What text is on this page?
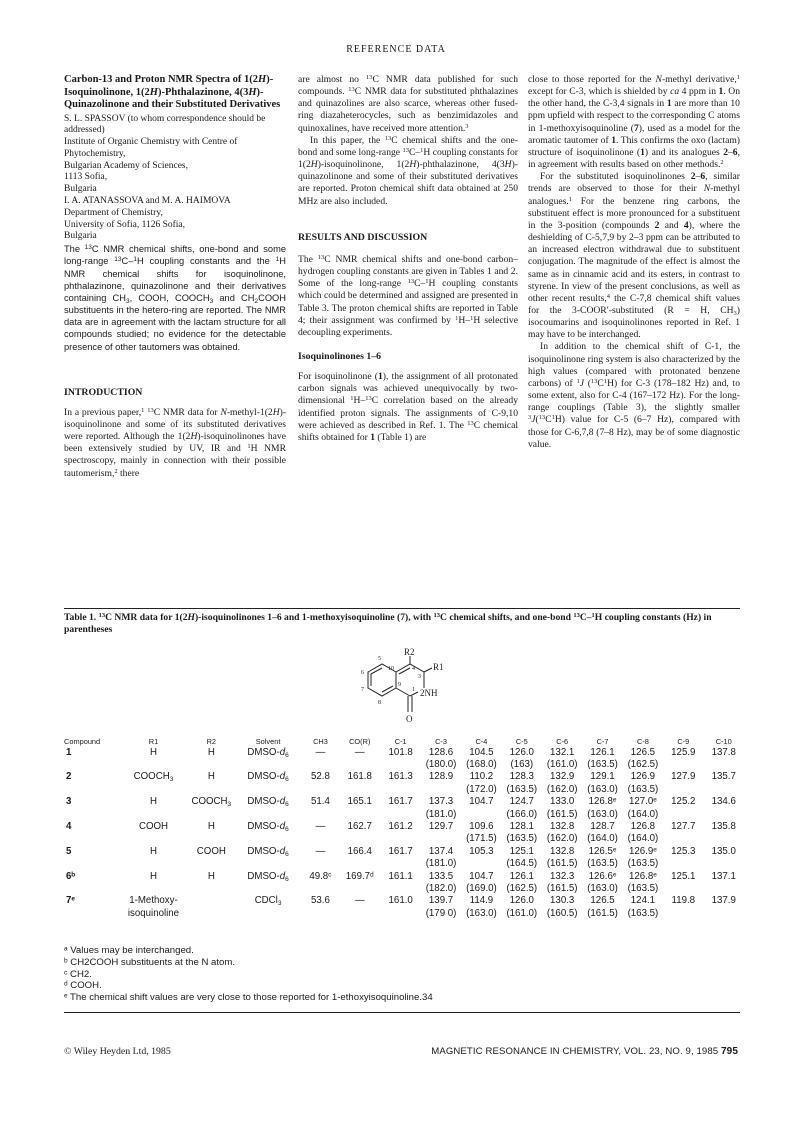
REFERENCE DATA
Carbon-13 and Proton NMR Spectra of 1(2H)-Isoquinolinone, 1(2H)-Phthalazinone, 4(3H)-Quinazolinone and their Substituted Derivatives

S. L. SPASSOV (to whom correspondence should be addressed)

Institute of Organic Chemistry with Centre of Phytochemistry,

Bulgarian Academy of Sciences,

1113 Sofia,

Bulgaria

I. A. ATANASSOVA and M. A. HAIMOVA

Department of Chemistry,

University of Sofia, 1126 Sofia,

Bulgaria

The $^{13}$C NMR chemical shifts, one-bond and some long-range $^{13}$C–$^1$H coupling constants and the $^1$H NMR chemical shifts for isoquinolinone, phthalazinone, quinazolinone and their derivatives containing $CH_3$, COOH, $COOCH_3$ and $CH_2COOH$ substituents in the hetero-ring are reported. The NMR data are in agreement with the lactam structure for all compounds studied; no evidence for the detectable presence of other tautomers was obtained.

INTRODUCTION

In a previous paper,$^1$ $^{13}$C NMR data for N-methyl-1(2H)-isoquinolinone and some of its substituted derivatives were reported. Although the 1(2H)-isoquinolinones have been extensively studied by UV, IR and $^1$H NMR spectroscopy, mainly in connection with their possible tautomerism,$^2$ there

are almost no $^{13}$C NMR data published for such compounds. $^{13}$C NMR data for substituted phthalazines and quinazolines are also scarce, whereas other fused-ring diazaheterocycles, such as benzimidazoles and quinoxalines, have received more attention.$^3$

In this paper, the $^{13}$C chemical shifts and the one-bond and some long-range $^{13}$C–$^1$H coupling constants for 1(2H)-isoquinolinone, 1(2H)-phthalazinone, 4(3H)-quinazolinone and some of their substituted derivatives are reported. Proton chemical shift data obtained at 250 MHz are also included.

RESULTS AND DISCUSSION

The $^{13}$C NMR chemical shifts and one-bond carbon–hydrogen coupling constants are given in Tables 1 and 2. Some of the long-range $^{13}$C–$^1$H coupling constants which could be determined and assigned are presented in Table 3. The proton chemical shifts are reported in Table 4; their assignment was confirmed by $^1$H–$^1$H selective decoupling experiments.

Isoquinolinones 1–6

For isoquinolinone (1), the assignment of all protonated carbon signals was achieved unequivocally by two-dimensional $^1$H–$^{13}$C correlation based on the already identified proton signals. The assignments of C-9,10 were achieved as described in Ref. 1. The $^{13}$C chemical shifts obtained for 1 (Table 1) are

close to those reported for the N-methyl derivative,$^1$ except for C-3, which is shielded by ca 4 ppm in 1. On the other hand, the C-3,4 signals in 1 are more than 10 ppm upfield with respect to the corresponding C atoms in 1-methoxyisoquinoline (7), used as a model for the aromatic tautomer of 1. This confirms the oxo (lactam) structure of isoquinolinone (1) and its analogues 2–6, in agreement with results based on other methods.$^2$

For the substituted isoquinolinones 2–6, similar trends are observed to those for their N-methyl analogues.$^1$ For the benzene ring carbons, the substituent effect is more pronounced for a substituent in the 3-position (compounds 2 and 4), where the deshielding of C-5,7,9 by 2–3 ppm can be attributed to an increased electron withdrawal due to substituent conjugation. The magnitude of the effect is almost the same as in cinnamic acid and its esters, in contrast to styrene. In view of the present conclusions, as well as other recent results,$^4$ the C-7,8 chemical shift values for the 3-COOR′-substituted (R = H, $CH_3$) isocoumarins and isoquinolinones reported in Ref. 1 may have to be interchanged.

In addition to the chemical shift of C-1, the isoquinolinone ring system is also characterized by the high values (compared with protonated benzene carbons) of $^1$J $(^{13}C^1H)$ for C-3 (178–182 Hz) and, to some extent, also for C-4 (167–172 Hz). For the long-range couplings (Table 3), the slightly smaller $^3J(^{13}C^1H)$ value for C-5 (6–7 Hz), compared with those for C-6,7,8 (7–8 Hz), may be of some diagnostic value.

Table 1. $^{13}$C NMR data for 1(2H)-isoquinolinones 1–6 and 1-methoxyisoquinoline (7), with $^{13}$C chemical shifts, and one-bond $^{13}$C–$^1$H coupling constants (Hz) in parentheses
R2
R1
2NH
O
1
3
4
5
6
7
8
9
10
Compound	R1	R2	Solvent	CH3	CO(R)	C-1	C-3	C-4	C-5	C-6	C-7	C-8	C-9	C-10
1	H	H	DMSO-$d_6$	—	—	101.8	128.6	104.5	126.0	132.1	126.1	126.5	125.9	137.8
							(180.0)	(168.0)	(163)	(161.0)	(163.5)	(162.5)		
2	$COOCH_3$	H	DMSO-$d_6$	52.8	161.8	161.3	128.9	110.2	128.3	132.9	129.1	126.9	127.9	135.7
								(172.0)	(163.5)	(162.0)	(163.0)	(163.5)		
3	H	$COOCH_3$	DMSO-$d_6$	51.4	165.1	161.7	137.3	104.7	124.7	133.0	126.8ᵉ	127.0ᵉ	125.2	134.6
							(181.0)		(166.0)	(161.5)	(163.0)	(164.0)		
4	COOH	H	DMSO-$d_6$	—	162.7	161.2	129.7	109.6	128.1	132.8	128.7	126.8	127.7	135.8
								(171.5)	(163.5)	(162.0)	(164.0)	(164.0)		
5	H	COOH	DMSO-$d_6$	—	166.4	161.7	137.4	105.3	125.1	132.8	126.5ᵉ	126.9ᵉ	125.3	135.0
							(181.0)		(164.5)	(161.5)	(163.5)	(163.5)		
6ᵇ	H	H	DMSO-$d_6$	49.8ᶜ	169.7ᵈ	161.1	133.5	104.7	126.1	132.3	126.6ᵉ	126.8ᵉ	125.1	137.1
							(182.0)	(169.0)	(162.5)	(161.5)	(163.0)	(163.5)		
7ᵉ	1-Methoxy-		CDCl$_3$	53.6	—	161.0	139.7	114.9	126.0	130.3	126.5	124.1	119.8	137.9
	isoquinoline						(179 0)	(163.0)	(161.0)	(160.5)	(161.5)	(163.5)		
ᵃ Values may be interchanged.
ᵇ CH2COOH substituents at the N atom.
ᶜ CH2.
ᵈ COOH.
ᵉ The chemical shift values are very close to those reported for 1-ethoxyisoquinoline.34
© Wiley Heyden Ltd, 1985	MAGNETIC RESONANCE IN CHEMISTRY, VOL. 23, NO. 9, 1985 795
